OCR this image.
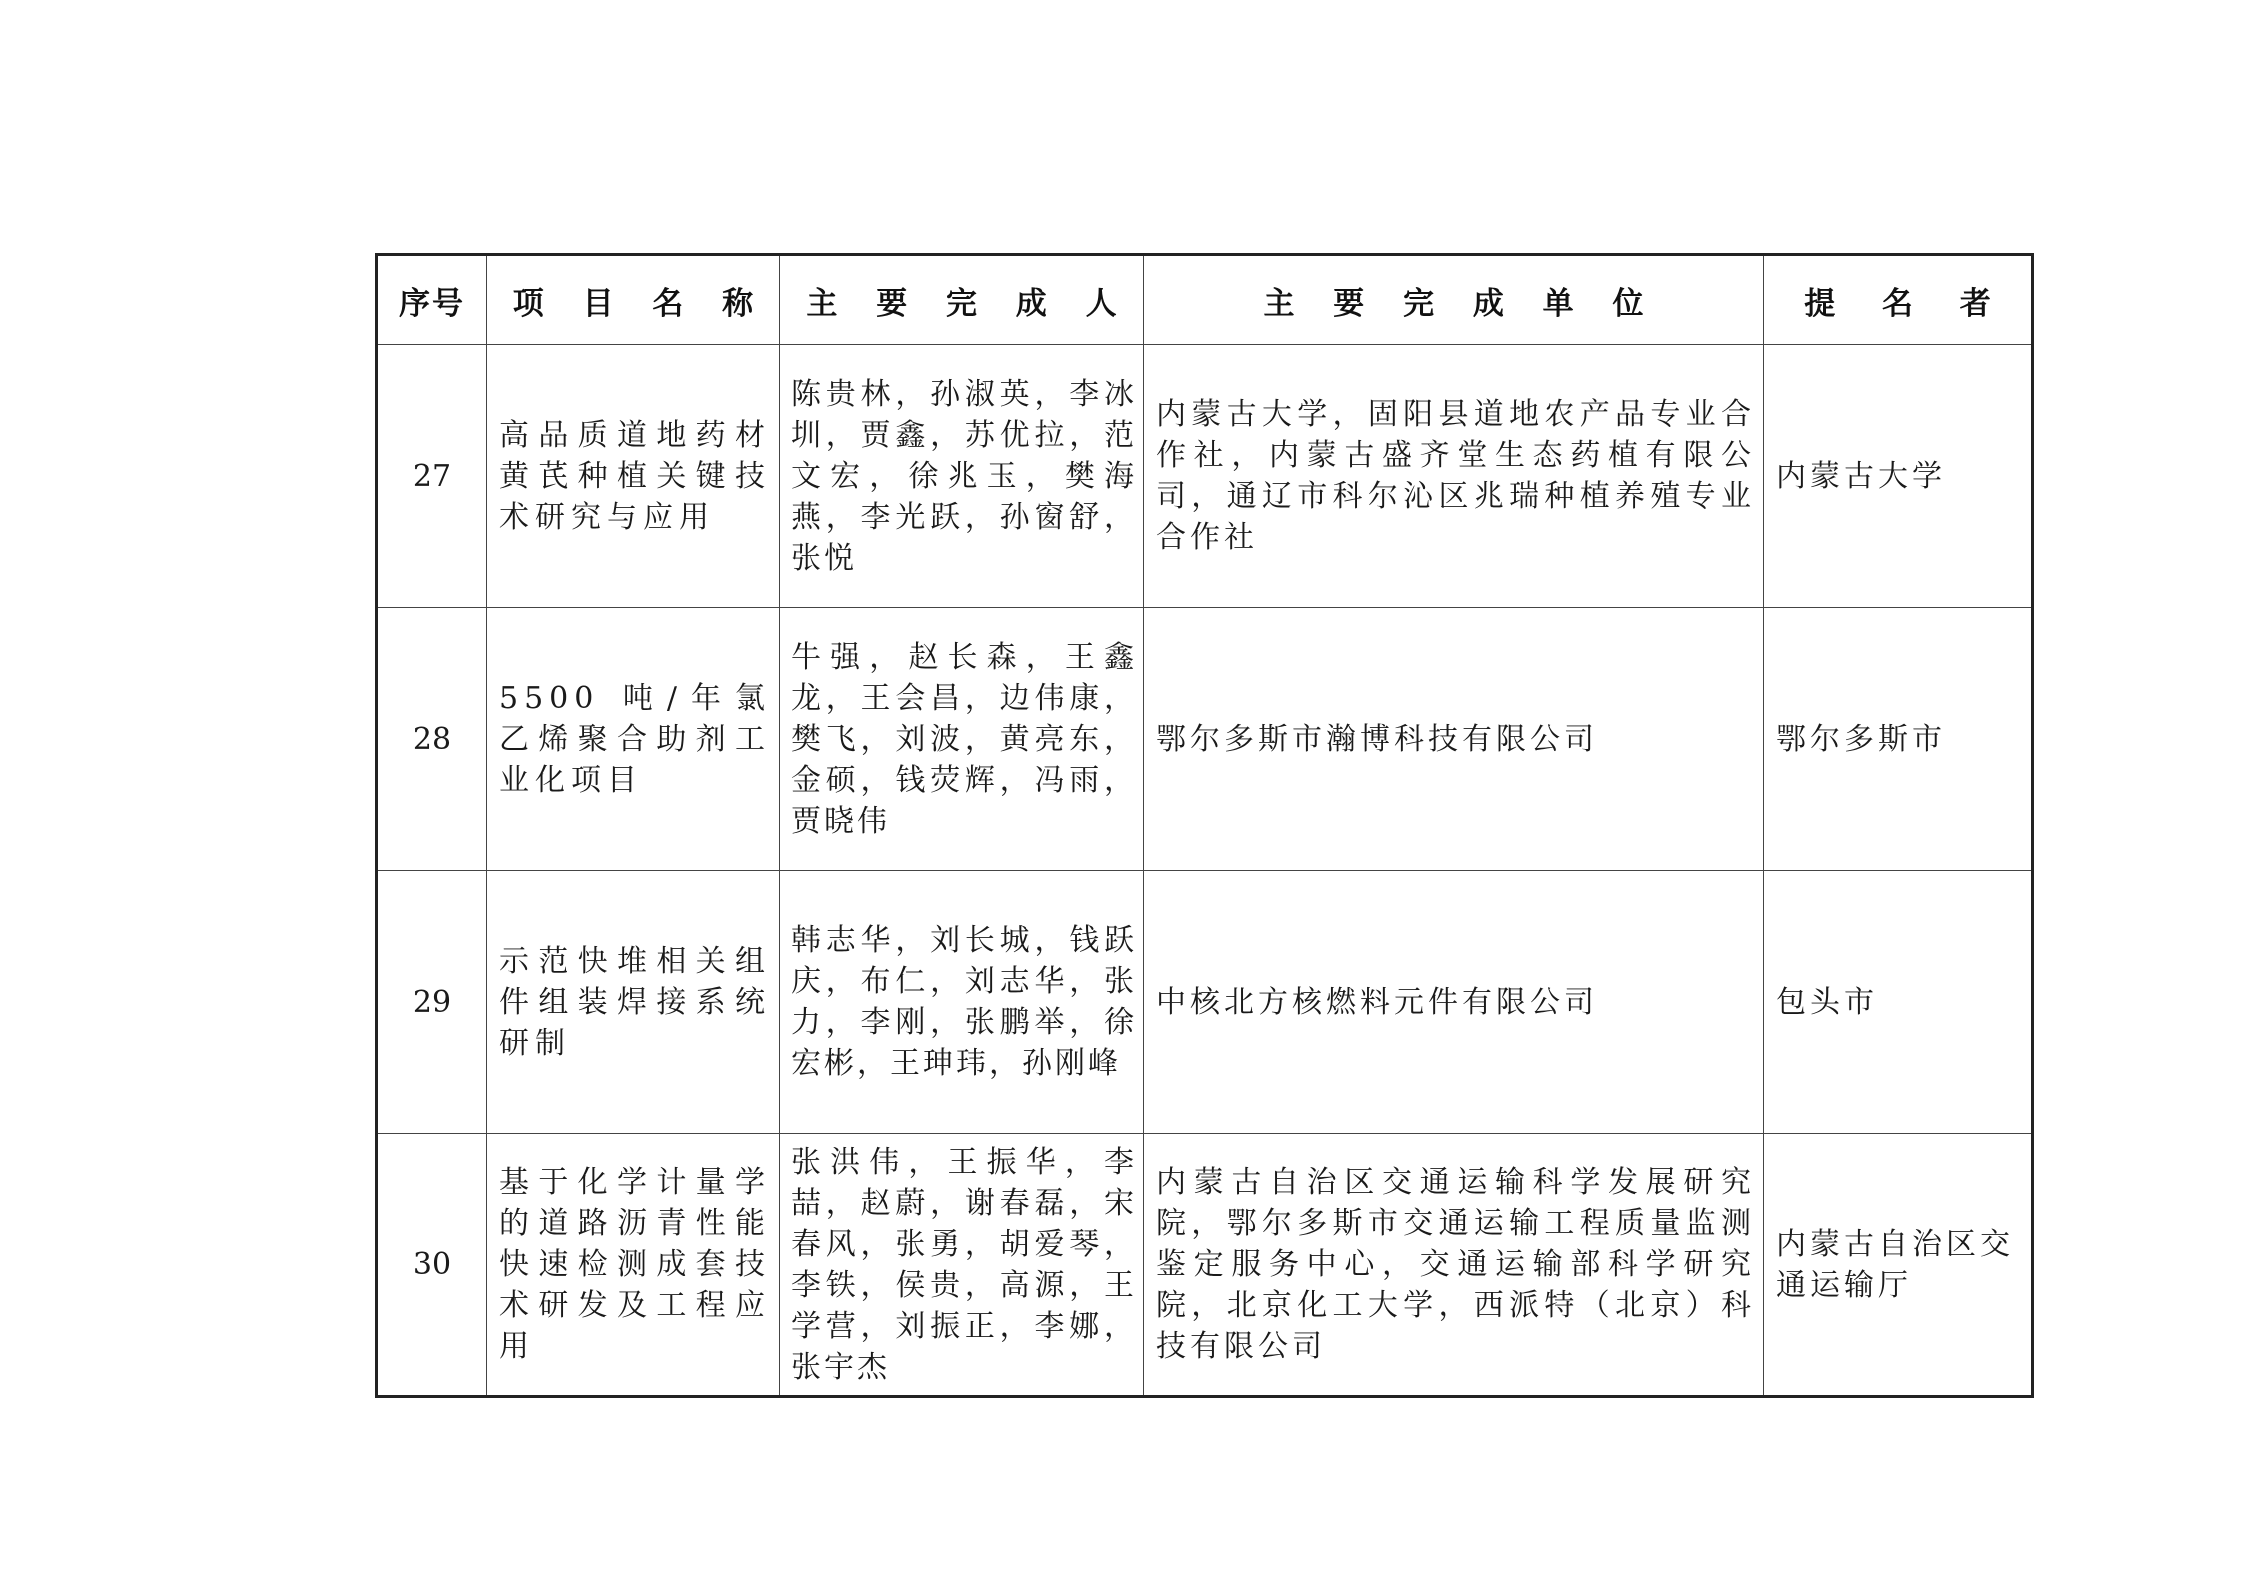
序号	项 目 名 称	主 要 完 成 人	主 要 完 成 单 位	提 名 者
27	高品质道地药材黄芪种植关键技术研究与应用	陈贵林，孙淑英，李冰圳，贾鑫，苏优拉，范文宏，徐兆玉，樊海燕，李光跃，孙窗舒，张悦	内蒙古大学，固阳县道地农产品专业合作社，内蒙古盛齐堂生态药植有限公司，通辽市科尔沁区兆瑞种植养殖专业合作社	内蒙古大学
28	5500 吨/年氯乙烯聚合助剂工业化项目	牛强，赵长森，王鑫龙，王会昌，边伟康，樊飞，刘波，黄亮东，金硕，钱荧辉，冯雨，贾晓伟	鄂尔多斯市瀚博科技有限公司	鄂尔多斯市
29	示范快堆相关组件组装焊接系统研制	韩志华，刘长城，钱跃庆，布仁，刘志华，张力，李刚，张鹏举，徐宏彬，王珅玮，孙刚峰	中核北方核燃料元件有限公司	包头市
30	基于化学计量学的道路沥青性能快速检测成套技术研发及工程应用	张洪伟，王振华，李喆，赵蔚，谢春磊，宋春风，张勇，胡爱琴，李铁，侯贵，高源，王学营，刘振正，李娜，张宇杰	内蒙古自治区交通运输科学发展研究院，鄂尔多斯市交通运输工程质量监测鉴定服务中心，交通运输部科学研究院，北京化工大学，西派特（北京）科技有限公司	内蒙古自治区交通运输厅
